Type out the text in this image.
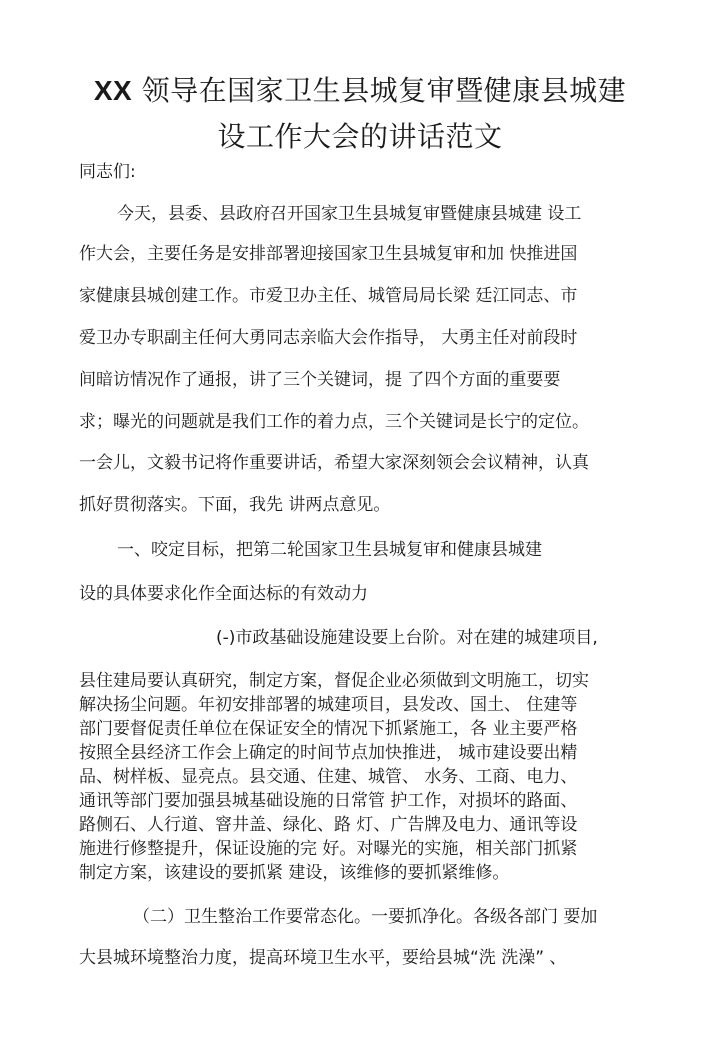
XX 领导在国家卫生县城复审暨健康县城建
设工作大会的讲话范文
同志们:
今天，县委、县政府召开国家卫生县城复审暨健康县城建 设工
作大会，主要任务是安排部署迎接国家卫生县城复审和加 快推进国
家健康县城创建工作。市爱卫办主任、城管局局长梁 廷江同志、市
爱卫办专职副主任何大勇同志亲临大会作指导， 大勇主任对前段时
间暗访情况作了通报，讲了三个关键词，提 了四个方面的重要要
求；曝光的问题就是我们工作的着力点，三个关键词是长宁的定位。
一会儿，文毅书记将作重要讲话，希望大家深刻领会会议精神，认真
抓好贯彻落实。下面，我先 讲两点意见。
一、咬定目标，把第二轮国家卫生县城复审和健康县城建
设的具体要求化作全面达标的有效动力
(-)市政基础设施建设要上台阶。对在建的城建项目,
县住建局要认真研究，制定方案，督促企业必须做到文明施工，切实
解决扬尘问题。年初安排部署的城建项目，县发改、国土、 住建等
部门要督促责任单位在保证安全的情况下抓紧施工，各 业主要严格
按照全县经济工作会上确定的时间节点加快推进， 城市建设要出精
品、树样板、显亮点。县交通、住建、城管、 水务、工商、电力、
通讯等部门要加强县城基础设施的日常管 护工作，对损坏的路面、
路侧石、人行道、窨井盖、绿化、路 灯、广告牌及电力、通讯等设
施进行修整提升，保证设施的完 好。对曝光的实施，相关部门抓紧
制定方案，该建设的要抓紧 建设，该维修的要抓紧维修。
（二）卫生整治工作要常态化。一要抓净化。各级各部门 要加
大县城环境整治力度，提高环境卫生水平，要给县城“洗 洗澡” 、
